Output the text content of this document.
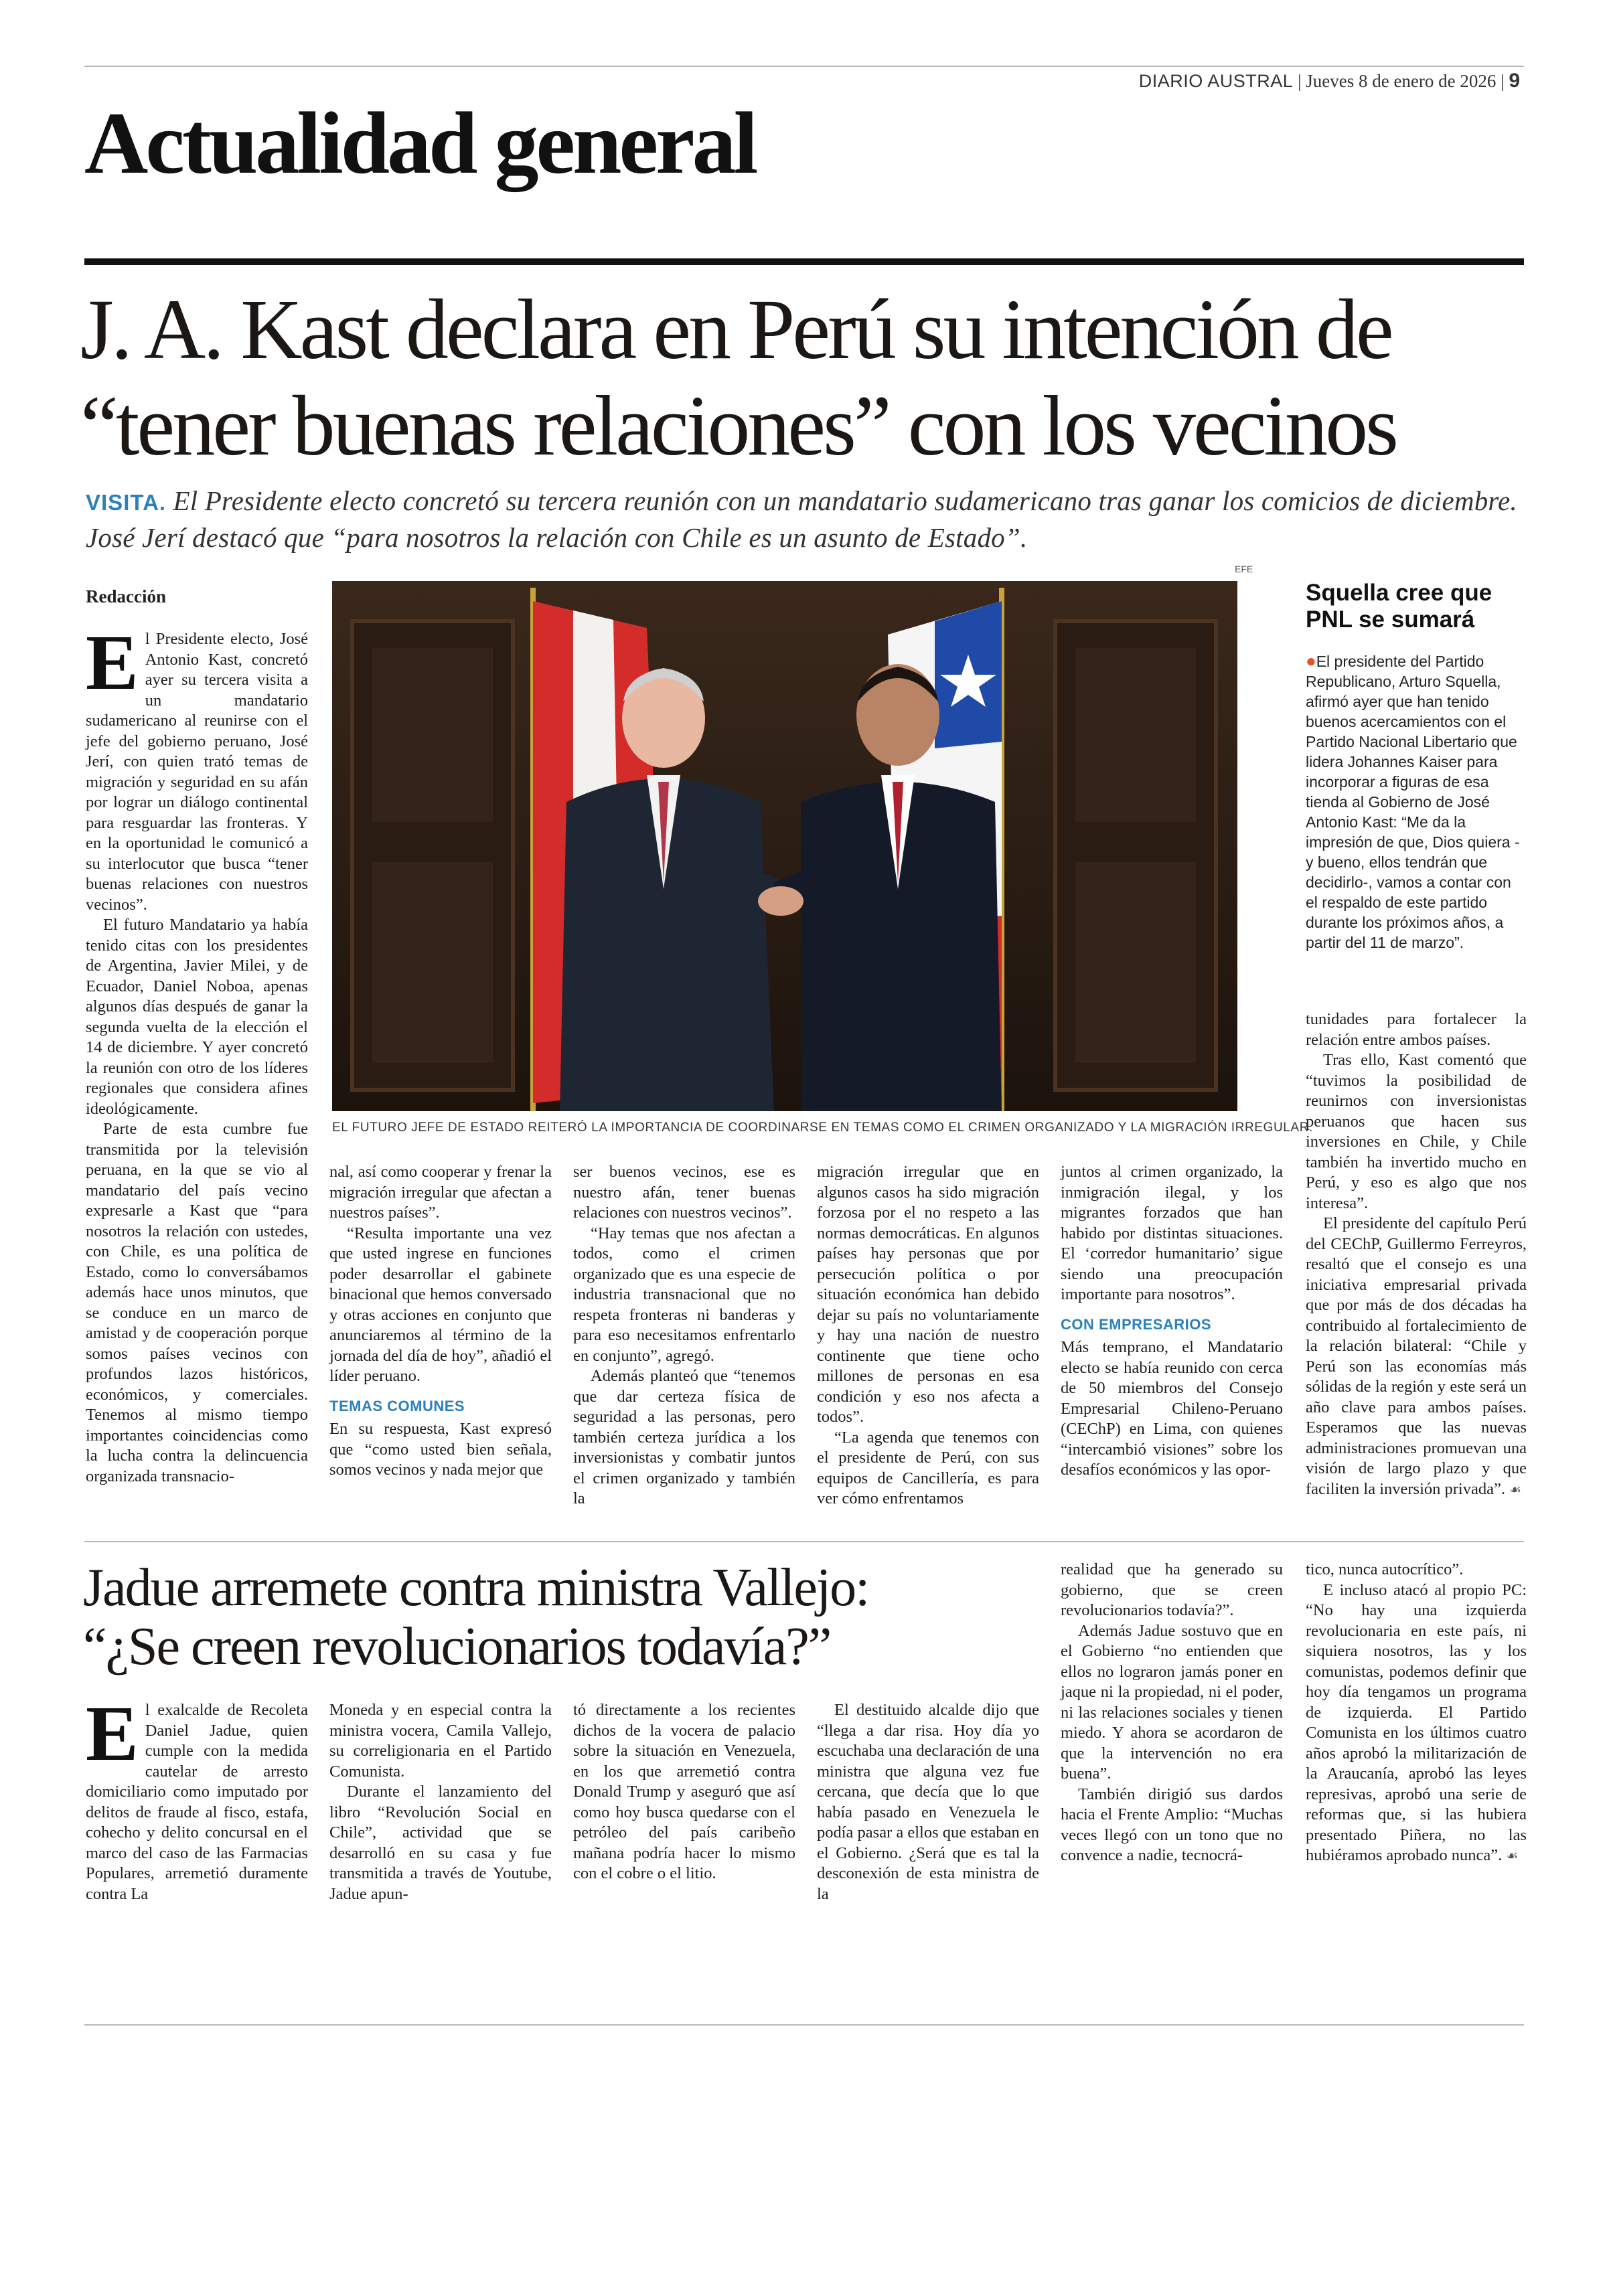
DIARIO AUSTRAL | Jueves 8 de enero de 2026 | 9
Actualidad general
J. A. Kast declara en Perú su intención de
“tener buenas relaciones” con los vecinos
VISITA. El Presidente electo concretó su tercera reunión con un mandatario sudamericano tras ganar los comicios de diciembre. José Jerí destacó que “para nosotros la relación con Chile es un asunto de Estado”.
EFE
Redacción

El Presidente electo, José Antonio Kast, concretó ayer su tercera visita a un mandatario sudamericano al reunirse con el jefe del gobierno peruano, José Jerí, con quien trató temas de migración y seguridad en su afán por lograr un diálogo continental para resguardar las fronteras. Y en la oportunidad le comunicó a su interlocutor que busca “tener buenas relaciones con nuestros vecinos”.

El futuro Mandatario ya había tenido citas con los presidentes de Argentina, Javier Milei, y de Ecuador, Daniel Noboa, apenas algunos días después de ganar la segunda vuelta de la elección el 14 de diciembre. Y ayer concretó la reunión con otro de los líderes regionales que considera afines ideológicamente.

Parte de esta cumbre fue transmitida por la televisión peruana, en la que se vio al mandatario del país vecino expresarle a Kast que “para nosotros la relación con ustedes, con Chile, es una política de Estado, como lo conversábamos además hace unos minutos, que se conduce en un marco de amistad y de cooperación porque somos países vecinos con profundos lazos históricos, económicos, y comerciales. Tenemos al mismo tiempo importantes coincidencias como la lucha contra la delincuencia organizada transnacio-

EL FUTURO JEFE DE ESTADO REITERÓ LA IMPORTANCIA DE COORDINARSE EN TEMAS COMO EL CRIMEN ORGANIZADO Y LA MIGRACIÓN IRREGULAR.
Squella cree que PNL se sumará
●El presidente del Partido Republicano, Arturo Squella, afirmó ayer que han tenido buenos acercamientos con el Partido Nacional Libertario que lidera Johannes Kaiser para incorporar a figuras de esa tienda al Gobierno de José Antonio Kast: “Me da la impresión de que, Dios quiera -y bueno, ellos tendrán que decidirlo-, vamos a contar con el respaldo de este partido durante los próximos años, a partir del 11 de marzo”.

nal, así como cooperar y frenar la migración irregular que afectan a nuestros países”.

“Resulta importante una vez que usted ingrese en funciones poder desarrollar el gabinete binacional que hemos conversado y otras acciones en conjunto que anunciaremos al término de la jornada del día de hoy”, añadió el líder peruano.

TEMAS COMUNES

En su respuesta, Kast expresó que “como usted bien señala, somos vecinos y nada mejor que

ser buenos vecinos, ese es nuestro afán, tener buenas relaciones con nuestros vecinos”.

“Hay temas que nos afectan a todos, como el crimen organizado que es una especie de industria transnacional que no respeta fronteras ni banderas y para eso necesitamos enfrentarlo en conjunto”, agregó.

Además planteó que “tenemos que dar certeza física de seguridad a las personas, pero también certeza jurídica a los inversionistas y combatir juntos el crimen organizado y también la

migración irregular que en algunos casos ha sido migración forzosa por el no respeto a las normas democráticas. En algunos países hay personas que por persecución política o por situación económica han debido dejar su país no voluntariamente y hay una nación de nuestro continente que tiene ocho millones de personas en esa condición y eso nos afecta a todos”.

“La agenda que tenemos con el presidente de Perú, con sus equipos de Cancillería, es para ver cómo enfrentamos

juntos al crimen organizado, la inmigración ilegal, y los migrantes forzados que han habido por distintas situaciones. El ‘corredor humanitario’ sigue siendo una preocupación importante para nosotros”.

CON EMPRESARIOS

Más temprano, el Mandatario electo se había reunido con cerca de 50 miembros del Consejo Empresarial Chileno-Peruano (CEChP) en Lima, con quienes “intercambió visiones” sobre los desafíos económicos y las opor-

tunidades para fortalecer la relación entre ambos países.

Tras ello, Kast comentó que “tuvimos la posibilidad de reunirnos con inversionistas peruanos que hacen sus inversiones en Chile, y Chile también ha invertido mucho en Perú, y eso es algo que nos interesa”.

El presidente del capítulo Perú del CEChP, Guillermo Ferreyros, resaltó que el consejo es una iniciativa empresarial privada que por más de dos décadas ha contribuido al fortalecimiento de la relación bilateral: “Chile y Perú son las economías más sólidas de la región y este será un año clave para ambos países. Esperamos que las nuevas administraciones promuevan una visión de largo plazo y que faciliten la inversión privada”. ☙

Jadue arremete contra ministra Vallejo:
“¿Se creen revolucionarios todavía?”

El exalcalde de Recoleta Daniel Jadue, quien cumple con la medida cautelar de arresto domiciliario como imputado por delitos de fraude al fisco, estafa, cohecho y delito concursal en el marco del caso de las Farmacias Populares, arremetió duramente contra La

Moneda y en especial contra la ministra vocera, Camila Vallejo, su correligionaria en el Partido Comunista.

Durante el lanzamiento del libro “Revolución Social en Chile”, actividad que se desarrolló en su casa y fue transmitida a través de Youtube, Jadue apun-

tó directamente a los recientes dichos de la vocera de palacio sobre la situación en Venezuela, en los que arremetió contra Donald Trump y aseguró que así como hoy busca quedarse con el petróleo del país caribeño mañana podría hacer lo mismo con el cobre o el litio.

El destituido alcalde dijo que “llega a dar risa. Hoy día yo escuchaba una declaración de una ministra que alguna vez fue cercana, que decía que lo que había pasado en Venezuela le podía pasar a ellos que estaban en el Gobierno. ¿Será que es tal la desconexión de esta ministra de la

realidad que ha generado su gobierno, que se creen revolucionarios todavía?”.

Además Jadue sostuvo que en el Gobierno “no entienden que ellos no lograron jamás poner en jaque ni la propiedad, ni el poder, ni las relaciones sociales y tienen miedo. Y ahora se acordaron de que la intervención no era buena”.

También dirigió sus dardos hacia el Frente Amplio: “Muchas veces llegó con un tono que no convence a nadie, tecnocrá-

tico, nunca autocrítico”.

E incluso atacó al propio PC: “No hay una izquierda revolucionaria en este país, ni siquiera nosotros, las y los comunistas, podemos definir que hoy día tengamos un programa de izquierda. El Partido Comunista en los últimos cuatro años aprobó la militarización de la Araucanía, aprobó las leyes represivas, aprobó una serie de reformas que, si las hubiera presentado Piñera, no las hubiéramos aprobado nunca”. ☙
